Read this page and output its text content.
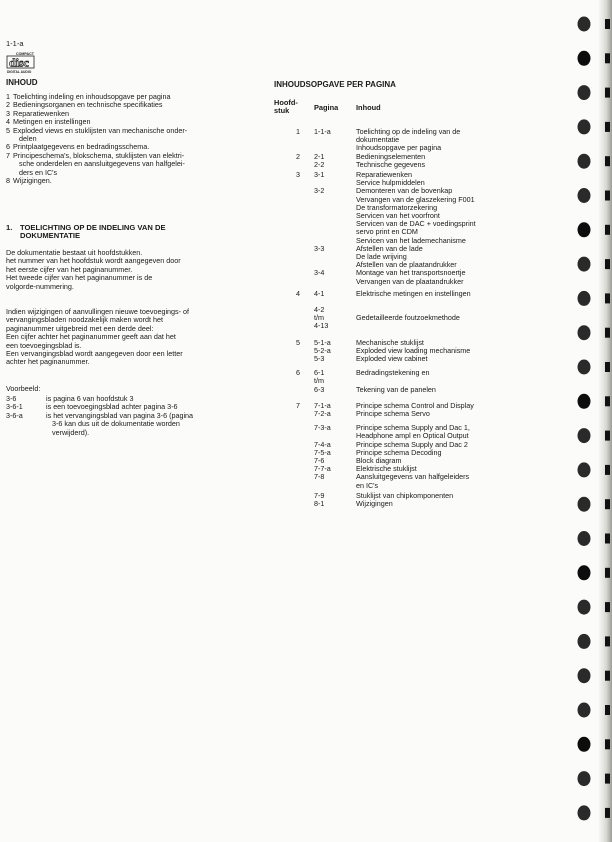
1-1-a
COMPACT
disc
DIGITAL AUDIO
INHOUD
1 Toelichting indeling en inhoudsopgave per pagina
2 Bedieningsorganen en technische specifikaties
3 Reparatiewenken
4 Metingen en instellingen
5 Exploded views en stuklijsten van mechanische onder-
delen
6 Printplaatgegevens en bedradingsschema.
7 Principeschema's, blokschema, stuklijsten van elektri-
sche onderdelen en aansluitgegevens van halfgelei-
ders en IC's
8 Wijzigingen.
1.	TOELICHTING OP DE INDELING VAN DE
DOKUMENTATIE
De dokumentatie bestaat uit hoofdstukken.
het nummer van het hoofdstuk wordt aangegeven door
het eerste cijfer van het paginanummer.
Het tweede cijfer van het paginanummer is de
volgorde-nummering.
Indien wijzigingen of aanvullingen nieuwe toevoegings- of
vervangingsbladen noodzakelijk maken wordt het
paginanummer uitgebreid met een derde deel:
Een cijfer achter het paginanummer geeft aan dat het
een toevoegingsblad is.
Een vervangingsblad wordt aangegeven door een letter
achter het paginanummer.
Voorbeeld:
3-6	is pagina 6 van hoofdstuk 3
3-6-1	is een toevoegingsblad achter pagina 3-6
3-6-a	is het vervangingsblad van pagina 3-6 (pagina
3-6 kan dus uit de dokumentatie worden
verwijderd).
INHOUDSOPGAVE PER PAGINA
Hoofd-
stuk	Pagina Inhoud
1 1-1-a	Toelichting op de indeling van de
dokumentatie
Inhoudsopgave per pagina
2 2-1	Bedieningselementen
2-2	Technische gegevens
3 3-1	Reparatiewenken
Service hulpmiddelen
3-2	Demonteren van de bovenkap
Vervangen van de glaszekering F001
De transformatorzekering
Servicen van het voorfront
Servicen van de DAC + voedingsprint
servo print en CDM
Servicen van het lademechanisme
3-3	Afstellen van de lade
De lade wrijving
Afstellen van de plaatandrukker
3-4	Montage van het transportsnoertje
Vervangen van de plaatandrukker
4 4-1	Elektrische metingen en instellingen
4-2
t/m	Gedetailleerde foutzoekmethode
4-13
5 5-1-a	Mechanische stuklijst
5-2-a	Exploded view loading mechanisme
5-3	Exploded view cabinet
6 6-1	Bedradingstekening en
t/m
6-3	Tekening van de panelen
7 7-1-a	Principe schema Control and Display
7-2-a	Principe schema Servo
7-3-a	Principe schema Supply and Dac 1,
Headphone ampl en Optical Output
7-4-a	Principe schema Supply and Dac 2
7-5-a	Principe schema Decoding
7-6	Block diagram
7-7-a	Elektrische stuklijst
7-8	Aansluitgegevens van halfgeleiders
en IC's
7-9	Stuklijst van chipkomponenten
8-1	Wijzigingen
